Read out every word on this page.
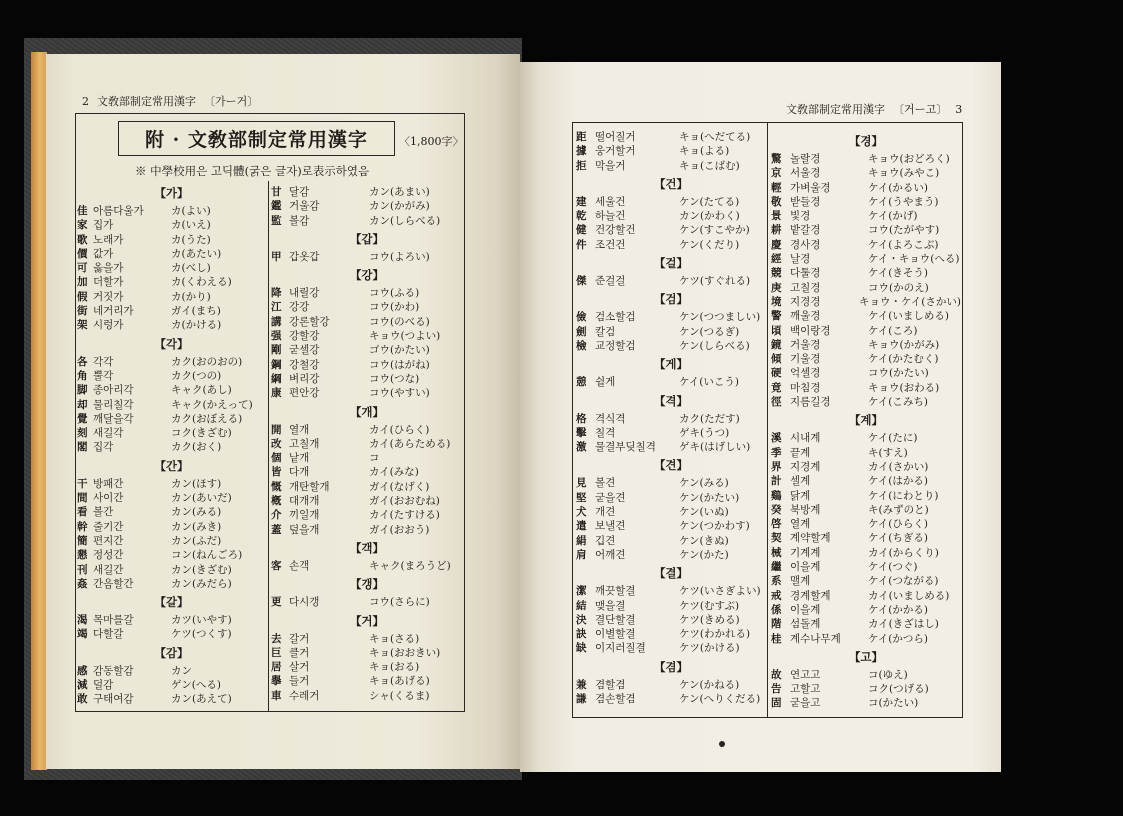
2 文敎部制定常用漢字 〔가ー거〕
附 · 文敎部制定常用漢字	〈1,800字〉
※ 中學校用은 고딕體(굵은 글자)로表示하였음
【가】
佳 아름다울가	カ(よい)
家 집가	カ(いえ)
歌 노래가	カ(うた)
價 값가	カ(あたい)
可 옳을가	カ(べし)
加 더할가	カ(くわえる)
假 거짓가	カ(かり)
街 네거리가	ガイ(まち)
架 시렁가	カ(かける)
【각】
各 각각	カク(おのおの)
角 뿔각	カク(つの)
脚 종아리각	キャク(あし)
却 물리칠각	キャク(かえって)
覺 깨달을각	カク(おぼえる)
刻 새길각	コク(きざむ)
閣 집각	カク(おく)
【간】
干 방패간	カン(ほす)
間 사이간	カン(あいだ)
看 볼간	カン(みる)
幹 줄기간	カン(みき)
簡 편지간	カン(ふだ)
懇 정성간	コン(ねんごろ)
刊 새길간	カン(きざむ)
姦 간음할간	カン(みだら)
【갈】
渴 목마를갈	カツ(いやす)
竭 다할갈	ケツ(つくす)
【감】
感 감동할감	カン
減 덜감	ゲン(へる)
敢 구태여감	カン(あえて)
甘 달감	カン(あまい)
鑑 거울감	カン(かがみ)
監 볼감	カン(しらべる)
【갑】
甲 갑옷갑	コウ(よろい)
【강】
降 내릴강	コウ(ふる)
江 강강	コウ(かわ)
講 강론할강	コウ(のべる)
强 강할강	キョウ(つよい)
剛 굳셀강	ゴウ(かたい)
鋼 강철강	コウ(はがね)
綱 벼리강	コウ(つな)
康 편안강	コウ(やすい)
【개】
開 열개	カイ(ひらく)
改 고칠개	カイ(あらためる)
個 낱개	コ
皆 다개	カイ(みな)
慨 개탄할개	ガイ(なげく)
槪 대개개	ガイ(おおむね)
介 끼일개	カイ(たすける)
蓋 덮을개	ガイ(おおう)
【객】
客 손객	キャク(まろうど)
【갱】
更 다시갱	コウ(さらに)
【거】
去 갈거	キョ(さる)
巨 클거	キョ(おおきい)
居 살거	キョ(おる)
擧 들거	キョ(あげる)
車 수레거	シャ(くるま)
文敎部制定常用漢字 〔거ー고〕 3
距 떨어질거	キョ(へだてる)
據 웅거할거	キョ(よる)
拒 막을거	キョ(こばむ)
【건】
建 세울건	ケン(たてる)
乾 하늘건	カン(かわく)
健 건강할건	ケン(すこやか)
件 조건건	ケン(くだり)
【걸】
傑 준걸걸	ケツ(すぐれる)
【검】
儉 검소할검	ケン(つつましい)
劍 칼검	ケン(つるぎ)
檢 교정할검	ケン(しらべる)
【게】
憩 쉴게	ケイ(いこう)
【격】
格 격식격	カク(ただす)
擊 칠격	ゲキ(うつ)
激 물결부딪칠격	ゲキ(はげしい)
【견】
見 볼견	ケン(みる)
堅 굳을견	ケン(かたい)
犬 개견	ケン(いぬ)
遣 보낼견	ケン(つかわす)
絹 깁견	ケン(きぬ)
肩 어깨견	ケン(かた)
【결】
潔 깨끗할결	ケツ(いさぎよい)
結 맺을결	ケツ(むすぶ)
決 결단할결	ケツ(きめる)
訣 이별할결	ケツ(わかれる)
缺 이지러질결	ケツ(かける)
【겸】
兼 겸할겸	ケン(かねる)
謙 겸손할겸	ケン(へりくだる)
【경】
驚 놀랄경	キョウ(おどろく)
京 서울경	キョウ(みやこ)
輕 가벼울경	ケイ(かるい)
敬 받들경	ケイ(うやまう)
景 빛경	ケイ(かげ)
耕 밭갈경	コウ(たがやす)
慶 경사경	ケイ(よろこぶ)
經 날경	ケイ・キョウ(へる)
競 다툴경	ケイ(きそう)
庚 고칠경	コウ(かのえ)
境 지경경	キョウ・ケイ(さかい)
警 깨울경	ケイ(いましめる)
頃 백이랑경	ケイ(ころ)
鏡 거울경	キョウ(かがみ)
傾 기울경	ケイ(かたむく)
硬 억셀경	コウ(かたい)
竟 마침경	キョウ(おわる)
徑 지름길경	ケイ(こみち)
【계】
溪 시내계	ケイ(たに)
季 끝계	キ(すえ)
界 지경계	カイ(さかい)
計 셀계	ケイ(はかる)
鷄 닭계	ケイ(にわとり)
癸 북방계	キ(みずのと)
啓 열계	ケイ(ひらく)
契 계약할계	ケイ(ちぎる)
械 기계계	カイ(からくり)
繼 이을계	ケイ(つぐ)
系 맬계	ケイ(つながる)
戒 경계할계	カイ(いましめる)
係 이을계	ケイ(かかる)
階 섬돌계	カイ(きざはし)
桂 계수나무계	ケイ(かつら)
【고】
故 연고고	コ(ゆえ)
告 고할고	コク(つげる)
固 굳을고	コ(かたい)
